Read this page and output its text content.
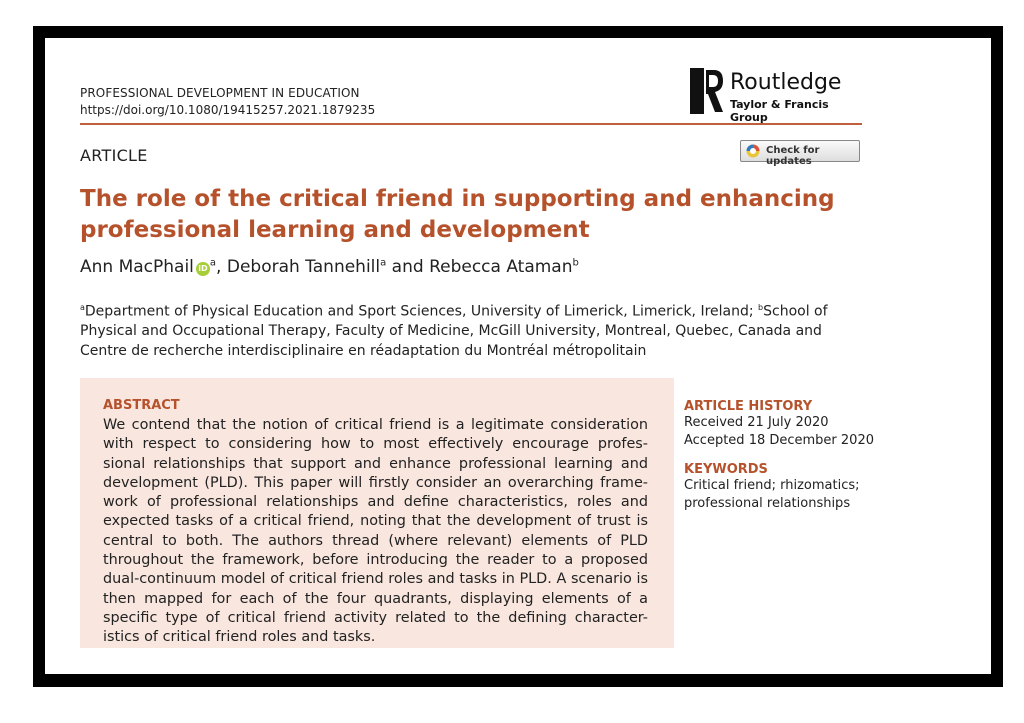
PROFESSIONAL DEVELOPMENT IN EDUCATION
https://doi.org/10.1080/19415257.2021.1879235
Routledge
Taylor & Francis Group
ARTICLE	Check for updates
The role of the critical friend in supporting and enhancing professional learning and development
Ann MacPhail $iD^a$, Deborah Tannehill$^a$ and Rebecca Ataman$^b$
$^a$Department of Physical Education and Sport Sciences, University of Limerick, Limerick, Ireland; $^b$School of Physical and Occupational Therapy, Faculty of Medicine, McGill University, Montreal, Quebec, Canada and Centre de recherche interdisciplinaire en réadaptation du Montréal métropolitain
ABSTRACT
We contend that the notion of critical friend is a legitimate consideration with respect to considering how to most effectively encourage profes-sional relationships that support and enhance professional learning and development (PLD). This paper will firstly consider an overarching frame-work of professional relationships and define characteristics, roles and expected tasks of a critical friend, noting that the development of trust is central to both. The authors thread (where relevant) elements of PLD throughout the framework, before introducing the reader to a proposed dual-continuum model of critical friend roles and tasks in PLD. A scenario is then mapped for each of the four quadrants, displaying elements of a specific type of critical friend activity related to the defining character-istics of critical friend roles and tasks.
ARTICLE HISTORY
Received 21 July 2020
Accepted 18 December 2020
KEYWORDS
Critical friend; rhizomatics;
professional relationships
